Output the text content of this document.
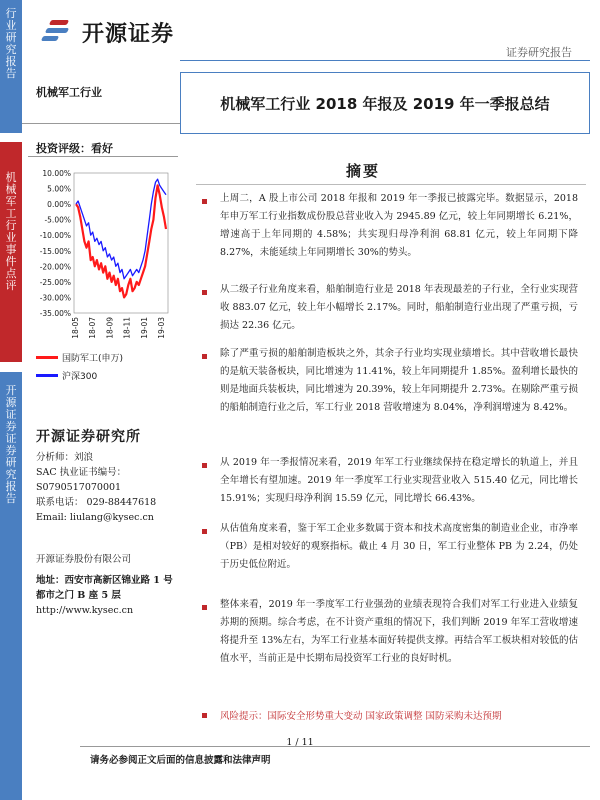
行业研究报告
机械军工行业事件点评
开源证券证券研究报告
开源证券
证券研究报告
机械军工行业
机械军工行业 2018 年报及 2019 年一季报总结
投资评级：看好
10.00%
5.00%
0.00%
-5.00%
-10.00%
-15.00%
-20.00%
-25.00%
-30.00%
-35.00%
18-05 18-07 18-09 18-11 19-01 19-03
国防军工(申万)
沪深300
开源证券研究所
分析师：刘浪
SAC 执业证书编号：
S0790517070001
联系电话： 029-88447618
Email: liulang@kysec.cn
开源证券股份有限公司
地址：西安市高新区锦业路 1 号
都市之门 B 座 5 层
http://www.kysec.cn
摘要
上周二，A 股上市公司 2018 年报和 2019 年一季报已披露完毕。数据显示，2018 年申万军工行业指数成份股总营业收入为 2945.89 亿元，较上年同期增长 6.21%，增速高于上年同期的 4.58%；共实现归母净利润 68.81 亿元，较上年同期下降 8.27%，未能延续上年同期增长 30%的势头。
从二级子行业角度来看，船舶制造行业是 2018 年表现最差的子行业，全行业实现营收 883.07 亿元，较上年小幅增长 2.17%。同时，船舶制造行业出现了严重亏损，亏损达 22.36 亿元。
除了严重亏损的船舶制造板块之外，其余子行业均实现业绩增长。其中营收增长最快的是航天装备板块，同比增速为 11.41%，较上年同期提升 1.85%。盈利增长最快的则是地面兵装板块，同比增速为 20.39%，较上年同期提升 2.73%。在剔除严重亏损的船舶制造行业之后，军工行业 2018 营收增速为 8.04%，净利润增速为 8.42%。
从 2019 年一季报情况来看，2019 年军工行业继续保持在稳定增长的轨道上，并且全年增长有望加速。2019 年一季度军工行业实现营业收入 515.40 亿元，同比增长 15.91%；实现归母净利润 15.59 亿元，同比增长 66.43%。
从估值角度来看，鉴于军工企业多数属于资本和技术高度密集的制造业企业，市净率（PB）是相对较好的观察指标。截止 4 月 30 日，军工行业整体 PB 为 2.24，仍处于历史低位附近。
整体来看，2019 年一季度军工行业强劲的业绩表现符合我们对军工行业进入业绩复苏期的预期。综合考虑，在不计资产重组的情况下，我们判断 2019 年军工营收增速将提升至 13%左右，为军工行业基本面好转提供支撑。再结合军工板块相对较低的估值水平，当前正是中长期布局投资军工行业的良好时机。
风险提示：国际安全形势重大变动 国家政策调整 国防采购未达预期
1 / 11
请务必参阅正文后面的信息披露和法律声明
